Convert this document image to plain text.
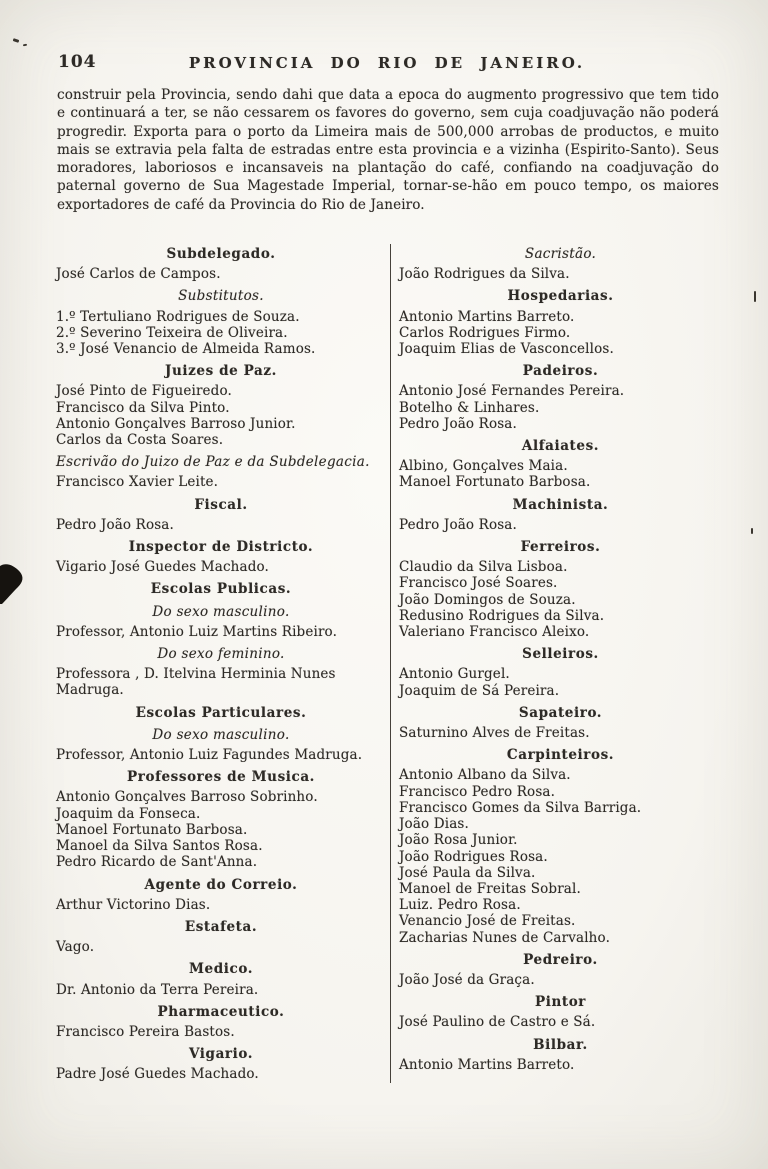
104	PROVINCIA DO RIO DE JANEIRO.

construir pela Provincia, sendo dahi que data a epoca do augmento progressivo que tem tido e continuará a ter, se não cessarem os favores do governo, sem cuja coadjuvação não poderá progredir. Exporta para o porto da Limeira mais de 500,000 arrobas de productos, e muito mais se extravia pela falta de estradas entre esta provincia e a vizinha (Espirito-Santo). Seus moradores, laboriosos e incansaveis na plantação do café, confiando na coadjuvação do paternal governo de Sua Magestade Imperial, tornar-se-hão em pouco tempo, os maiores exportadores de café da Provincia do Rio de Janeiro.

Subdelegado.
José Carlos de Campos.
Substitutos.
1.º Tertuliano Rodrigues de Souza.
2.º Severino Teixeira de Oliveira.
3.º José Venancio de Almeida Ramos.
Juizes de Paz.
José Pinto de Figueiredo.
Francisco da Silva Pinto.
Antonio Gonçalves Barroso Junior.
Carlos da Costa Soares.
Escrivão do Juizo de Paz e da Subdelegacia.
Francisco Xavier Leite.
Fiscal.
Pedro João Rosa.
Inspector de Districto.
Vigario José Guedes Machado.
Escolas Publicas.
Do sexo masculino.
Professor, Antonio Luiz Martins Ribeiro.
Do sexo feminino.
Professora , D. Itelvina Herminia Nunes Madruga.
Escolas Particulares.
Do sexo masculino.
Professor, Antonio Luiz Fagundes Madruga.
Professores de Musica.
Antonio Gonçalves Barroso Sobrinho.
Joaquim da Fonseca.
Manoel Fortunato Barbosa.
Manoel da Silva Santos Rosa.
Pedro Ricardo de Sant'Anna.
Agente do Correio.
Arthur Victorino Dias.
Estafeta.
Vago.
Medico.
Dr. Antonio da Terra Pereira.
Pharmaceutico.
Francisco Pereira Bastos.
Vigario.
Padre José Guedes Machado.
Sacristão.
João Rodrigues da Silva.
Hospedarias.
Antonio Martins Barreto.
Carlos Rodrigues Firmo.
Joaquim Elias de Vasconcellos.
Padeiros.
Antonio José Fernandes Pereira.
Botelho & Linhares.
Pedro João Rosa.
Alfaiates.
Albino, Gonçalves Maia.
Manoel Fortunato Barbosa.
Machinista.
Pedro João Rosa.
Ferreiros.
Claudio da Silva Lisboa.
Francisco José Soares.
João Domingos de Souza.
Redusino Rodrigues da Silva.
Valeriano Francisco Aleixo.
Selleiros.
Antonio Gurgel.
Joaquim de Sá Pereira.
Sapateiro.
Saturnino Alves de Freitas.
Carpinteiros.
Antonio Albano da Silva.
Francisco Pedro Rosa.
Francisco Gomes da Silva Barriga.
João Dias.
João Rosa Junior.
João Rodrigues Rosa.
José Paula da Silva.
Manoel de Freitas Sobral.
Luiz. Pedro Rosa.
Venancio José de Freitas.
Zacharias Nunes de Carvalho.
Pedreiro.
João José da Graça.
Pintor
José Paulino de Castro e Sá.
Bilbar.
Antonio Martins Barreto.
